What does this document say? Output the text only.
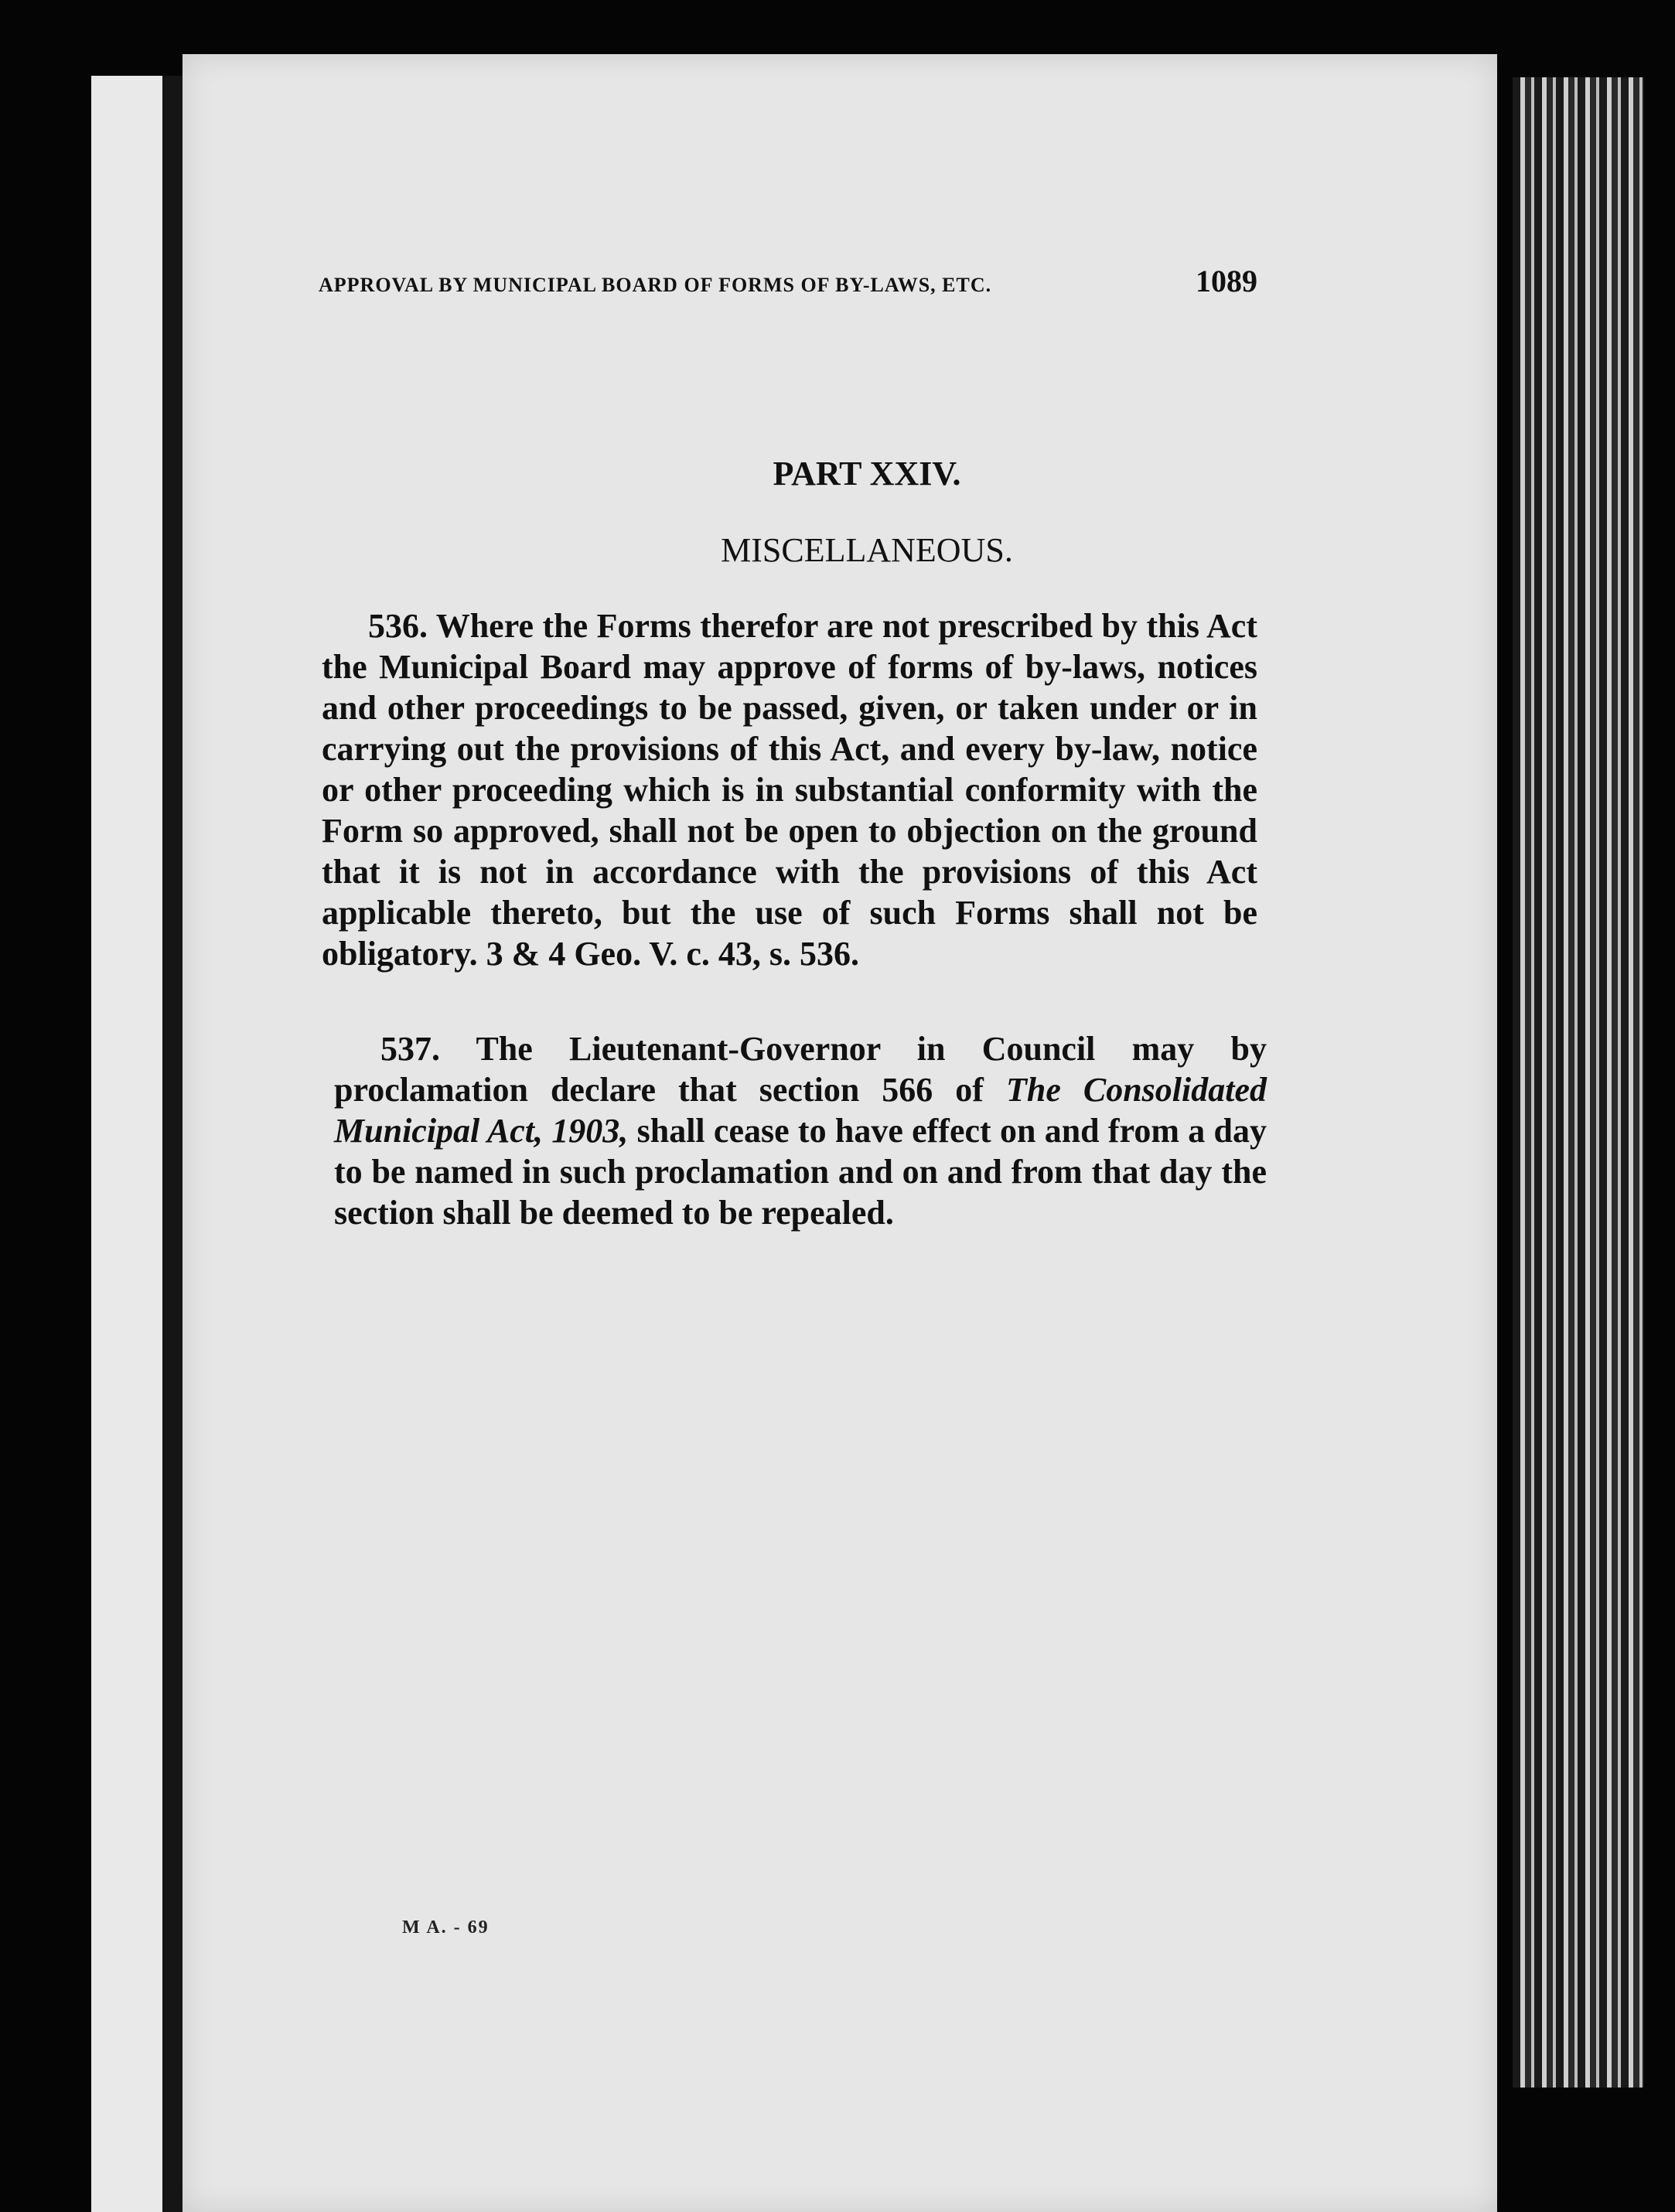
APPROVAL BY MUNICIPAL BOARD OF FORMS OF BY-LAWS, ETC.	1089
PART XXIV.
MISCELLANEOUS.

536. Where the Forms therefor are not prescribed by this Act the Municipal Board may approve of forms of by-laws, notices and other proceedings to be passed, given, or taken under or in carrying out the provisions of this Act, and every by-law, notice or other proceeding which is in substantial conformity with the Form so approved, shall not be open to objection on the ground that it is not in accordance with the provisions of this Act applicable thereto, but the use of such Forms shall not be obligatory. 3 & 4 Geo. V. c. 43, s. 536.

537. The Lieutenant-Governor in Council may by proclamation declare that section 566 of The Consolidated Municipal Act, 1903, shall cease to have effect on and from a day to be named in such proclamation and on and from that day the section shall be deemed to be repealed.

M A. - 69
